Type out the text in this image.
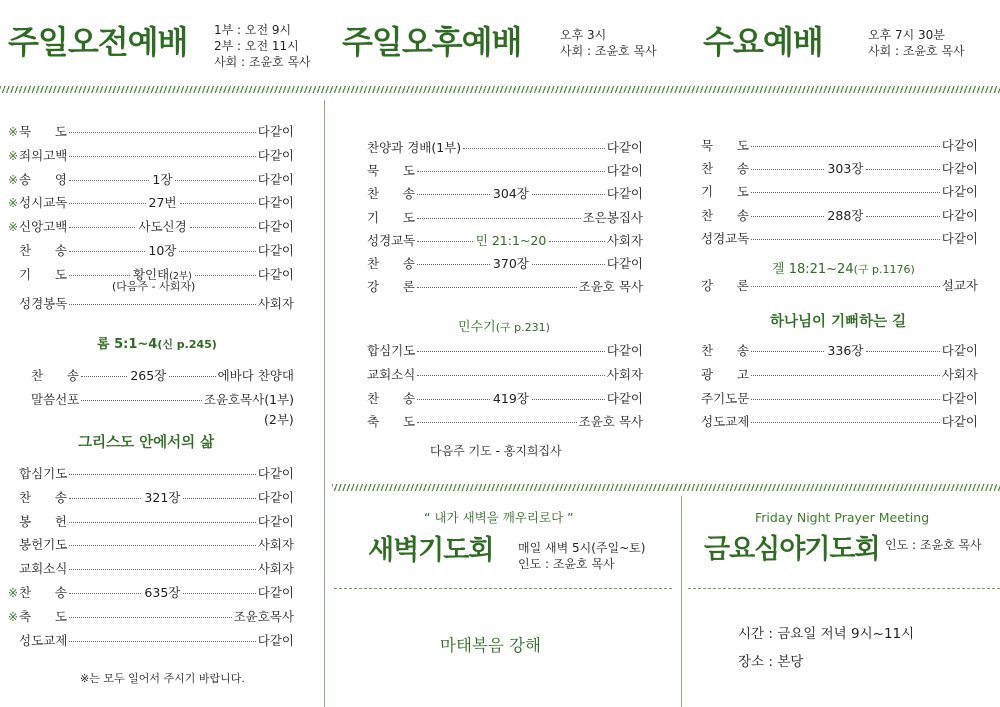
주일오전예배 1부 : 오전 9시
2부 : 오전 11시
사회 : 조윤호 목사
주일오후예배	오후 3시
사회 : 조윤호 목사 수요예배	오후 7시 30분
사회 : 조윤호 목사
※ 묵      도	다같이
※ 죄의고백	다같이
※ 송      영	1장	다같이
※ 성시교독	27번	다같이
※ 신앙고백	사도신경	다같이
찬      송	10장	다같이
기      도	황인태(2부)	다같이
(다음주 - 사회자)
성경봉독	사회자
롬 5:1~4(신 p.245)
찬      송	265장	에바다 찬양대
말씀선포	조윤호목사(1부)
(2부)
그리스도 안에서의 삶
합심기도	다같이
찬      송	321장	다같이
봉      헌	다같이
봉헌기도	사회자
교회소식	사회자
※ 찬      송	635장	다같이
※ 축      도	조윤호목사
성도교제	다같이
※는 모두 일어서 주시기 바랍니다.
찬양과 경배(1부)	다같이
묵      도	다같이
찬      송	304장	다같이
기      도	조은봉집사
성경교독	민 21:1~20	사회자
찬      송	370장	다같이
강      론	조윤호 목사
민수기(구 p.231)
합심기도	다같이
교회소식	사회자
찬      송	419장	다같이
축      도	조윤호 목사
다음주 기도 - 홍지희집사
묵      도	다같이
찬      송	303장	다같이
기      도	다같이
찬      송	288장	다같이
성경교독	다같이
겔 18:21~24(구 p.1176)
강      론	설교자
하나님이 기뻐하는 길
찬      송	336장	다같이
광      고	사회자
주기도문	다같이
성도교제	다같이
“ 내가 새벽을 깨우리로다 ”
새벽기도회 매일 새벽 5시(주일~토)
인도 : 조윤호 목사
마태복음 강해
Friday Night Prayer Meeting
금요심야기도회 인도 : 조윤호 목사
시간 : 금요일 저녁 9시~11시
장소 : 본당
